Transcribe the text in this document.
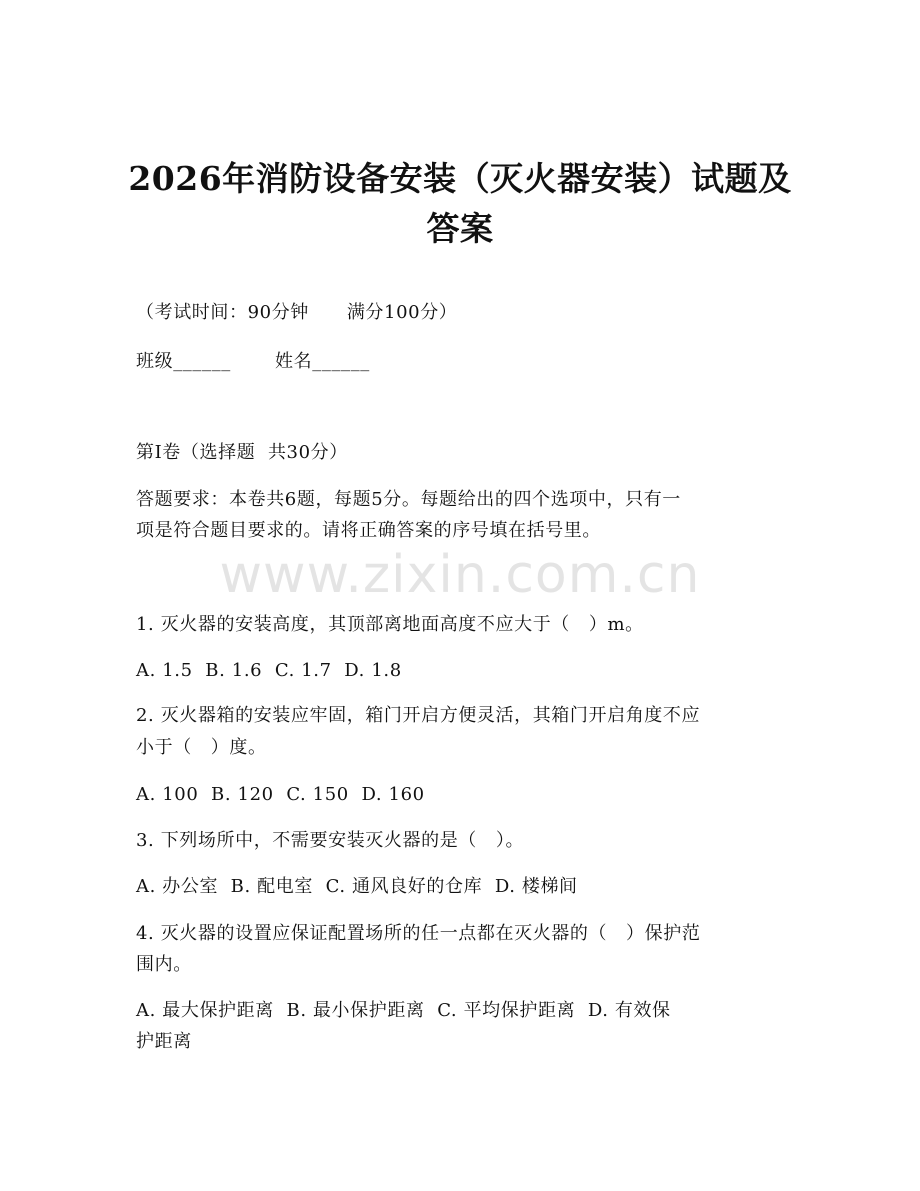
2026年消防设备安装（灭火器安装）试题及
答案
（考试时间：90分钟      满分100分）
班级______       姓名______
第Ⅰ卷（选择题  共30分）
答题要求：本卷共6题，每题5分。每题给出的四个选项中，只有一
项是符合题目要求的。请将正确答案的序号填在括号里。
www.zixin.com.cn
1. 灭火器的安装高度，其顶部离地面高度不应大于（   ）m。
A. 1.5  B. 1.6  C. 1.7  D. 1.8
2. 灭火器箱的安装应牢固，箱门开启方便灵活，其箱门开启角度不应
小于（   ）度。
A. 100  B. 120  C. 150  D. 160
3. 下列场所中，不需要安装灭火器的是（   ）。
A. 办公室  B. 配电室  C. 通风良好的仓库  D. 楼梯间
4. 灭火器的设置应保证配置场所的任一点都在灭火器的（   ）保护范
围内。
A. 最大保护距离  B. 最小保护距离  C. 平均保护距离  D. 有效保
护距离
